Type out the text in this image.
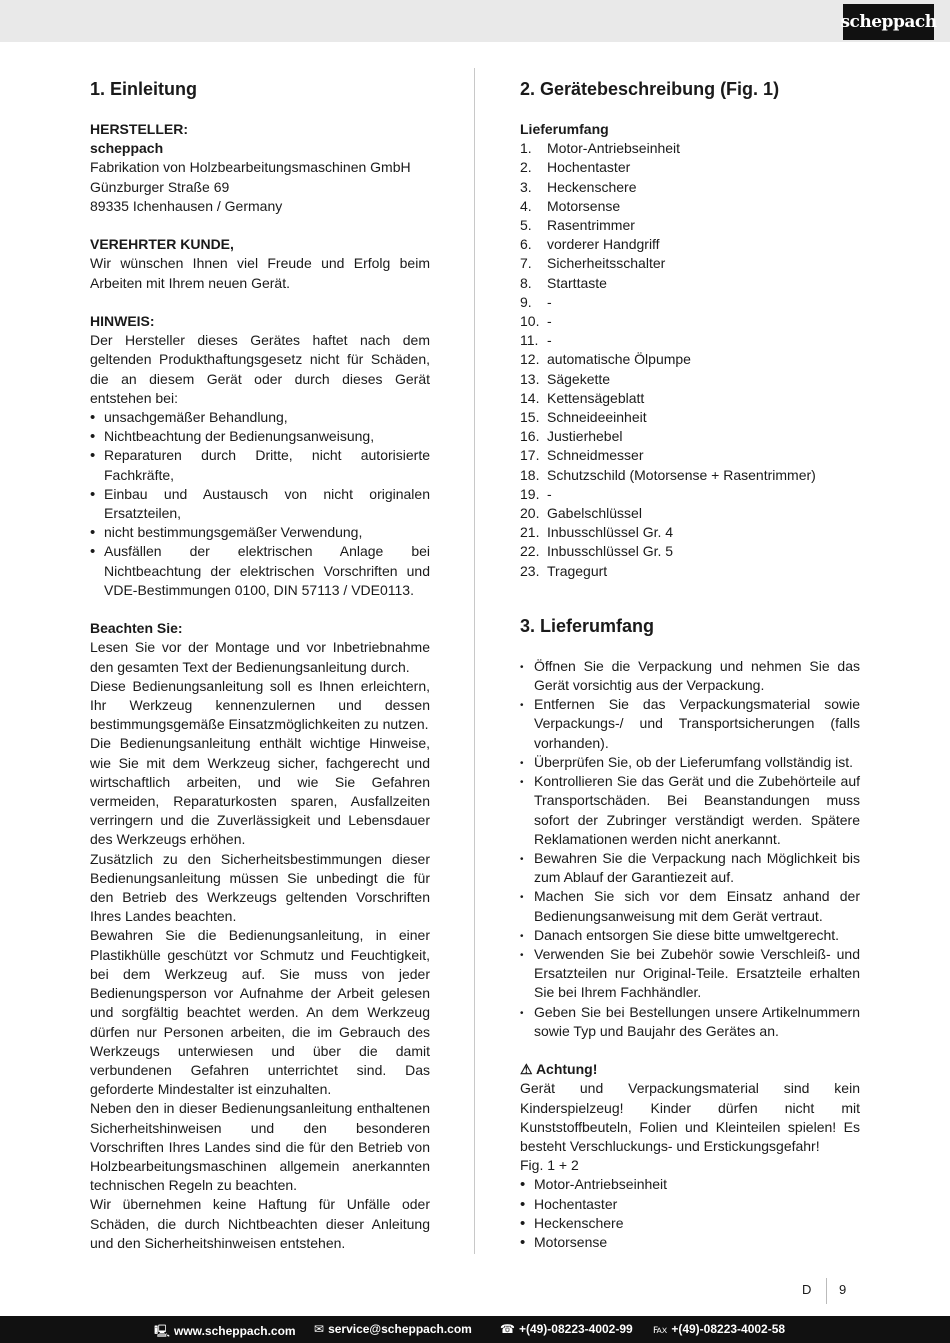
scheppach
1. Einleitung
HERSTELLER:
scheppach
Fabrikation von Holzbearbeitungsmaschinen GmbH
Günzburger Straße 69
89335 Ichenhausen / Germany
VEREHRTER KUNDE,
Wir wünschen Ihnen viel Freude und Erfolg beim Arbeiten mit Ihrem neuen Gerät.
HINWEIS:
Der Hersteller dieses Gerätes haftet nach dem geltenden Produkthaftungsgesetz nicht für Schäden, die an diesem Gerät oder durch dieses Gerät entstehen bei:
• unsachgemäßer Behandlung,
• Nichtbeachtung der Bedienungsanweisung,
• Reparaturen durch Dritte, nicht autorisierte Fachkräfte,
• Einbau und Austausch von nicht originalen Ersatzteilen,
• nicht bestimmungsgemäßer Verwendung,
• Ausfällen der elektrischen Anlage bei Nichtbeachtung der elektrischen Vorschriften und VDE-Bestimmungen 0100, DIN 57113 / VDE0113.
Beachten Sie:
Lesen Sie vor der Montage und vor Inbetriebnahme den gesamten Text der Bedienungsanleitung durch.
Diese Bedienungsanleitung soll es Ihnen erleichtern, Ihr Werkzeug kennenzulernen und dessen bestimmungsgemäße Einsatzmöglichkeiten zu nutzen.
Die Bedienungsanleitung enthält wichtige Hinweise, wie Sie mit dem Werkzeug sicher, fachgerecht und wirtschaftlich arbeiten, und wie Sie Gefahren vermeiden, Reparaturkosten sparen, Ausfallzeiten verringern und die Zuverlässigkeit und Lebensdauer des Werkzeugs erhöhen.
Zusätzlich zu den Sicherheitsbestimmungen dieser Bedienungsanleitung müssen Sie unbedingt die für den Betrieb des Werkzeugs geltenden Vorschriften Ihres Landes beachten.
Bewahren Sie die Bedienungsanleitung, in einer Plastikhülle geschützt vor Schmutz und Feuchtigkeit, bei dem Werkzeug auf. Sie muss von jeder Bedienungsperson vor Aufnahme der Arbeit gelesen und sorgfältig beachtet werden. An dem Werkzeug dürfen nur Personen arbeiten, die im Gebrauch des Werkzeugs unterwiesen und über die damit verbundenen Gefahren unterrichtet sind. Das geforderte Mindestalter ist einzuhalten.
Neben den in dieser Bedienungsanleitung enthaltenen Sicherheitshinweisen und den besonderen Vorschriften Ihres Landes sind die für den Betrieb von Holzbearbeitungsmaschinen allgemein anerkannten technischen Regeln zu beachten.
Wir übernehmen keine Haftung für Unfälle oder Schäden, die durch Nichtbeachten dieser Anleitung und den Sicherheitshinweisen entstehen.
2. Gerätebeschreibung (Fig. 1)
Lieferumfang
1.	Motor-Antriebseinheit
2.	Hochentaster
3.	Heckenschere
4.	Motorsense
5.	Rasentrimmer
6.	vorderer Handgriff
7.	Sicherheitsschalter
8.	Starttaste
9.	-
10. -
11. -
12. automatische Ölpumpe
13. Sägekette
14. Kettensägeblatt
15. Schneideeinheit
16. Justierhebel
17. Schneidmesser
18. Schutzschild (Motorsense + Rasentrimmer)
19. -
20. Gabelschlüssel
21. Inbusschlüssel Gr. 4
22. Inbusschlüssel Gr. 5
23. Tragegurt
3. Lieferumfang
• Öffnen Sie die Verpackung und nehmen Sie das Gerät vorsichtig aus der Verpackung.
• Entfernen Sie das Verpackungsmaterial sowie Verpackungs-/ und Transportsicherungen (falls vorhanden).
• Überprüfen Sie, ob der Lieferumfang vollständig ist.
• Kontrollieren Sie das Gerät und die Zubehörteile auf Transportschäden. Bei Beanstandungen muss sofort der Zubringer verständigt werden. Spätere Reklamationen werden nicht anerkannt.
• Bewahren Sie die Verpackung nach Möglichkeit bis zum Ablauf der Garantiezeit auf.
• Machen Sie sich vor dem Einsatz anhand der Bedienungsanweisung mit dem Gerät vertraut.
• Danach entsorgen Sie diese bitte umweltgerecht.
• Verwenden Sie bei Zubehör sowie Verschleiß- und Ersatzteilen nur Original-Teile. Ersatzteile erhalten Sie bei Ihrem Fachhändler.
• Geben Sie bei Bestellungen unsere Artikelnummern sowie Typ und Baujahr des Gerätes an.
⚠ Achtung!
Gerät und Verpackungsmaterial sind kein Kinderspielzeug! Kinder dürfen nicht mit Kunststoffbeuteln, Folien und Kleinteilen spielen! Es besteht Verschluckungs- und Erstickungsgefahr!
Fig. 1 + 2
• Motor-Antriebseinheit
• Hochentaster
• Heckenschere
• Motorsense
D 9
🖳 www.scheppach.com ✉ service@scheppach.com ☎ +(49)-08223-4002-99 ℻ +(49)-08223-4002-58
